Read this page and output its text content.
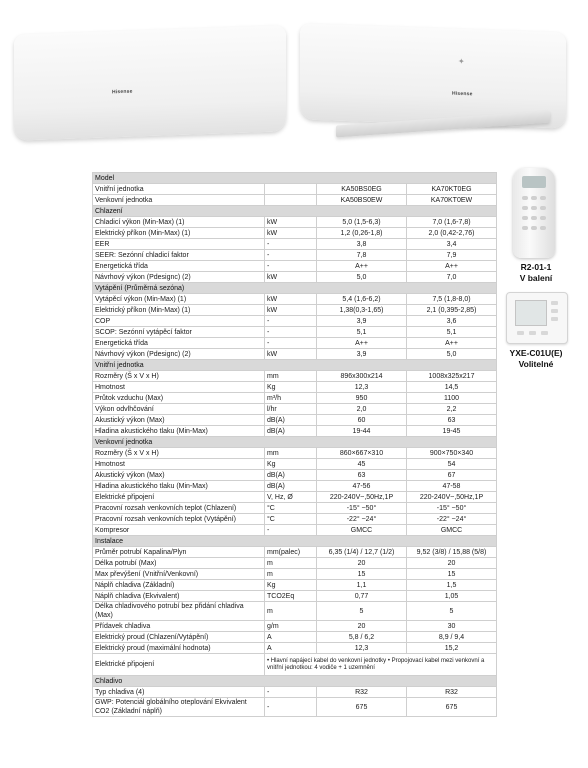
Hisense
✦
Hisense
Model			
Vnitřní jednotka		KA50BS0EG	KA70KT0EG
Venkovní jednotka		KA50BS0EW	KA70KT0EW
Chlazení			
Chladicí výkon (Min-Max) (1)	kW	5,0 (1,5-6,3)	7,0 (1,6-7,8)
Elektrický příkon (Min-Max) (1)	kW	1,2 (0,26-1,8)	2,0 (0,42-2,76)
EER	-	3,8	3,4
SEER: Sezónní chladicí faktor	-	7,8	7,9
Energetická třída	-	A++	A++
Návrhový výkon (Pdesignc) (2)	kW	5,0	7,0
Vytápění (Průměrná sezóna)			
Vytápěcí výkon (Min-Max) (1)	kW	5,4 (1,6-6,2)	7,5 (1,8-8,0)
Elektrický příkon (Min-Max) (1)	kW	1,38(0,3-1,65)	2,1 (0,395-2,85)
COP	-	3,9	3,6
SCOP: Sezónní vytápěcí faktor	-	5,1	5,1
Energetická třída	-	A++	A++
Návrhový výkon (Pdesignc) (2)	kW	3,9	5,0
Vnitřní jednotka			
Rozměry (Š x V x H)	mm	896x300x214	1008x325x217
Hmotnost	Kg	12,3	14,5
Průtok vzduchu (Max)	m³/h	950	1100
Výkon odvlhčování	l/hr	2,0	2,2
Akustický výkon (Max)	dB(A)	60	63
Hladina akustického tlaku (Min-Max)	dB(A)	19-44	19-45
Venkovní jednotka			
Rozměry (Š x V x H)	mm	860×667×310	900×750×340
Hmotnost	Kg	45	54
Akustický výkon (Max)	dB(A)	63	67
Hladina akustického tlaku (Min-Max)	dB(A)	47-56	47-58
Elektrické připojení	V, Hz, Ø	220-240V~,50Hz,1P	220-240V~,50Hz,1P
Pracovní rozsah venkovních teplot (Chlazení)	°C	-15° ~50°	-15° ~50°
Pracovní rozsah venkovních teplot (Vytápění)	°C	-22° ~24°	-22° ~24°
Kompresor	-	GMCC	GMCC
Instalace			
Průměr potrubí Kapalina/Plyn	mm(palec)	6,35 (1/4) / 12,7 (1/2)	9,52 (3/8) / 15,88 (5/8)
Délka potrubí (Max)	m	20	20
Max převýšení (Vnitřní/Venkovní)	m	15	15
Náplň chladiva (Základní)	Kg	1,1	1,5
Náplň chladiva (Ekvivalent)	TCO2Eq	0,77	1,05
Délka chladivového potrubí bez přidání chladiva (Max)	m	5	5
Přídavek chladiva	g/m	20	30
Elektrický proud (Chlazení/Vytápění)	A	5,8 / 6,2	8,9 / 9,4
Elektrický proud (maximální hodnota)	A	12,3	15,2
Elektrické připojení	• Hlavní napájecí kabel do venkovní jednotky • Propojovací kabel mezi venkovní a vnitřní jednotkou: 4 vodiče + 1 uzemnění		
Chladivo			
Typ chladiva (4)	-	R32	R32
GWP: Potenciál globálního oteplování Ekvivalent CO2 (Základní náplň)	-	675	675
R2-01-1
V balení
YXE-C01U(E)
Volitelné
